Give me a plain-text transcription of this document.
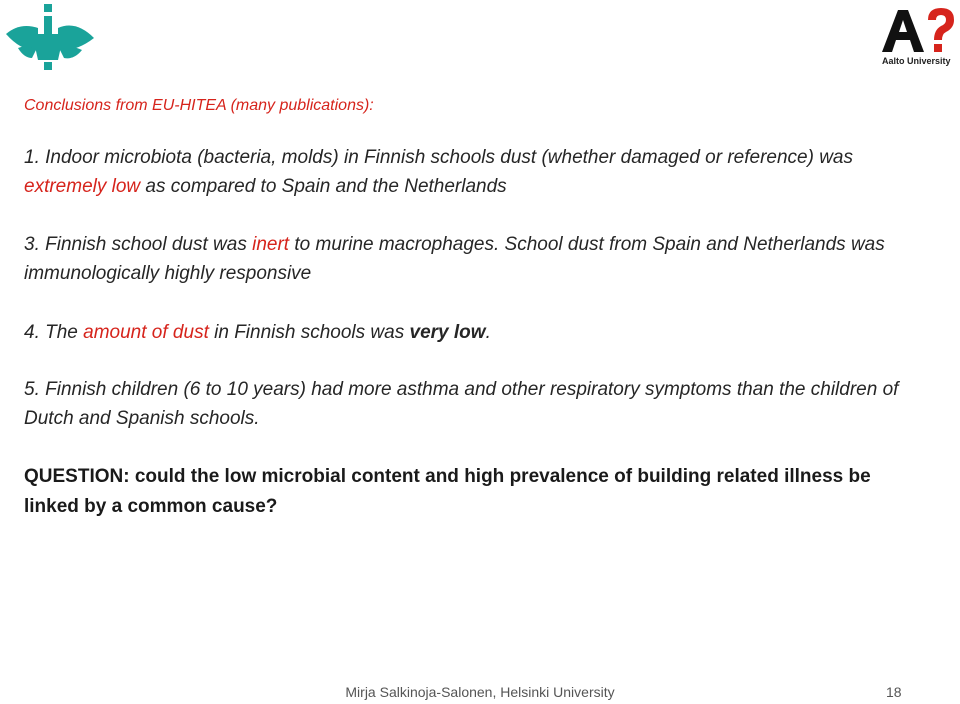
Aalto University
Conclusions from EU-HITEA (many publications):
1. Indoor microbiota (bacteria, molds) in Finnish schools dust (whether damaged or reference) was extremely low as compared to Spain and the Netherlands
3. Finnish school dust was inert to murine macrophages. School dust from Spain and Netherlands was immunologically highly responsive
4. The amount of dust in Finnish schools was very low.
5. Finnish children (6 to 10 years) had more asthma and other respiratory symptoms than the children of Dutch and Spanish schools.
QUESTION: could the low microbial content and high prevalence of building related illness be linked by a common cause?
Mirja Salkinoja-Salonen, Helsinki University	18
